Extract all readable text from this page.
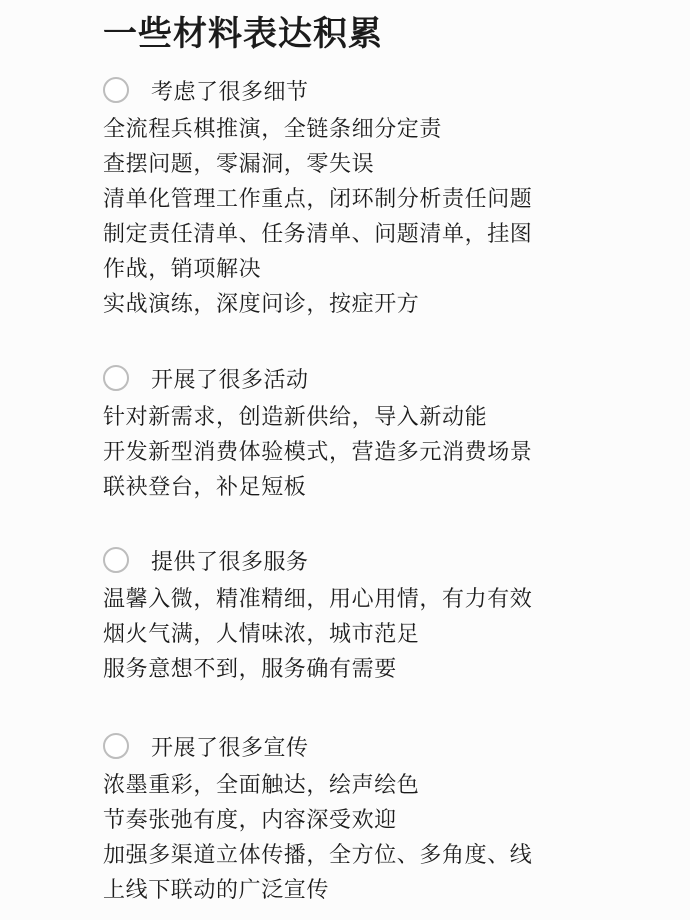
一些材料表达积累
考虑了很多细节
全流程兵棋推演，全链条细分定责
查摆问题，零漏洞，零失误
清单化管理工作重点，闭环制分析责任问题
制定责任清单、任务清单、问题清单，挂图
作战，销项解决
实战演练，深度问诊，按症开方
开展了很多活动
针对新需求，创造新供给，导入新动能
开发新型消费体验模式，营造多元消费场景
联袂登台，补足短板
提供了很多服务
温馨入微，精准精细，用心用情，有力有效
烟火气满，人情味浓，城市范足
服务意想不到，服务确有需要
开展了很多宣传
浓墨重彩，全面触达，绘声绘色
节奏张弛有度，内容深受欢迎
加强多渠道立体传播，全方位、多角度、线
上线下联动的广泛宣传
